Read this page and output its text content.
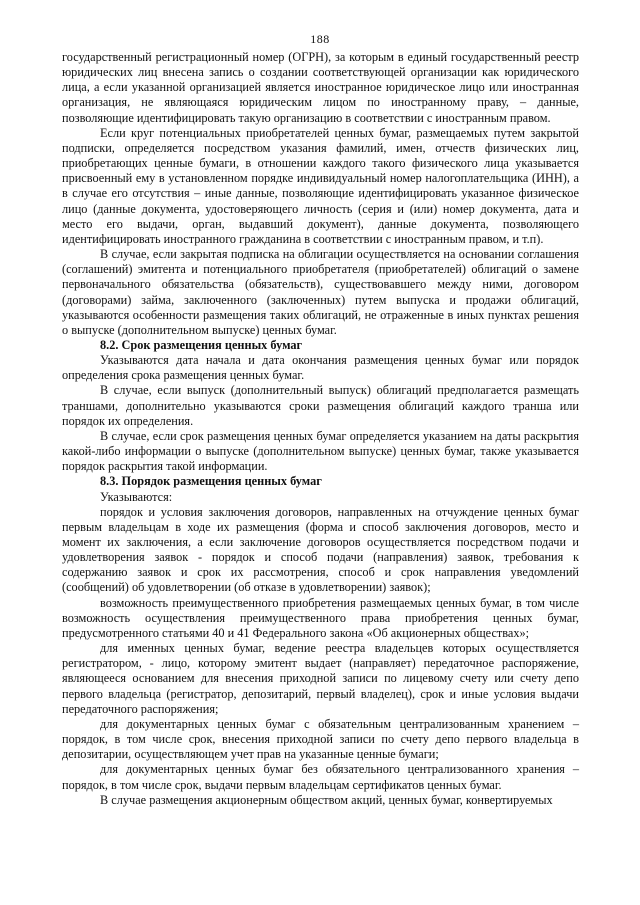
188

государственный регистрационный номер (ОГРН), за которым в единый государственный реестр юридических лиц внесена запись о создании соответствующей организации как юридического лица, а если указанной организацией является иностранное юридическое лицо или иностранная организация, не являющаяся юридическим лицом по иностранному праву, – данные, позволяющие идентифицировать такую организацию в соответствии с иностранным правом.

Если круг потенциальных приобретателей ценных бумаг, размещаемых путем закрытой подписки, определяется посредством указания фамилий, имен, отчеств физических лиц, приобретающих ценные бумаги, в отношении каждого такого физического лица указывается присвоенный ему в установленном порядке индивидуальный номер налогоплательщика (ИНН), а в случае его отсутствия – иные данные, позволяющие идентифицировать указанное физическое лицо (данные документа, удостоверяющего личность (серия и (или) номер документа, дата и место его выдачи, орган, выдавший документ), данные документа, позволяющего идентифицировать иностранного гражданина в соответствии с иностранным правом, и т.п).

В случае, если закрытая подписка на облигации осуществляется на основании соглашения (соглашений) эмитента и потенциального приобретателя (приобретателей) облигаций о замене первоначального обязательства (обязательств), существовавшего между ними, договором (договорами) займа, заключенного (заключенных) путем выпуска и продажи облигаций, указываются особенности размещения таких облигаций, не отраженные в иных пунктах решения о выпуске (дополнительном выпуске) ценных бумаг.

8.2. Срок размещения ценных бумаг

Указываются дата начала и дата окончания размещения ценных бумаг или порядок определения срока размещения ценных бумаг.

В случае, если выпуск (дополнительный выпуск) облигаций предполагается размещать траншами, дополнительно указываются сроки размещения облигаций каждого транша или порядок их определения.

В случае, если срок размещения ценных бумаг определяется указанием на даты раскрытия какой-либо информации о выпуске (дополнительном выпуске) ценных бумаг, также указывается порядок раскрытия такой информации.

8.3. Порядок размещения ценных бумаг

Указываются:

порядок и условия заключения договоров, направленных на отчуждение ценных бумаг первым владельцам в ходе их размещения (форма и способ заключения договоров, место и момент их заключения, а если заключение договоров осуществляется посредством подачи и удовлетворения заявок - порядок и способ подачи (направления) заявок, требования к содержанию заявок и срок их рассмотрения, способ и срок направления уведомлений (сообщений) об удовлетворении (об отказе в удовлетворении) заявок);

возможность преимущественного приобретения размещаемых ценных бумаг, в том числе возможность осуществления преимущественного права приобретения ценных бумаг, предусмотренного статьями 40 и 41 Федерального закона «Об акционерных обществах»;

для именных ценных бумаг, ведение реестра владельцев которых осуществляется регистратором, - лицо, которому эмитент выдает (направляет) передаточное распоряжение, являющееся основанием для внесения приходной записи по лицевому счету или счету депо первого владельца (регистратор, депозитарий, первый владелец), срок и иные условия выдачи передаточного распоряжения;

для документарных ценных бумаг с обязательным централизованным хранением – порядок, в том числе срок, внесения приходной записи по счету депо первого владельца в депозитарии, осуществляющем учет прав на указанные ценные бумаги;

для документарных ценных бумаг без обязательного централизованного хранения – порядок, в том числе срок, выдачи первым владельцам сертификатов ценных бумаг.

В случае размещения акционерным обществом акций, ценных бумаг, конвертируемых
